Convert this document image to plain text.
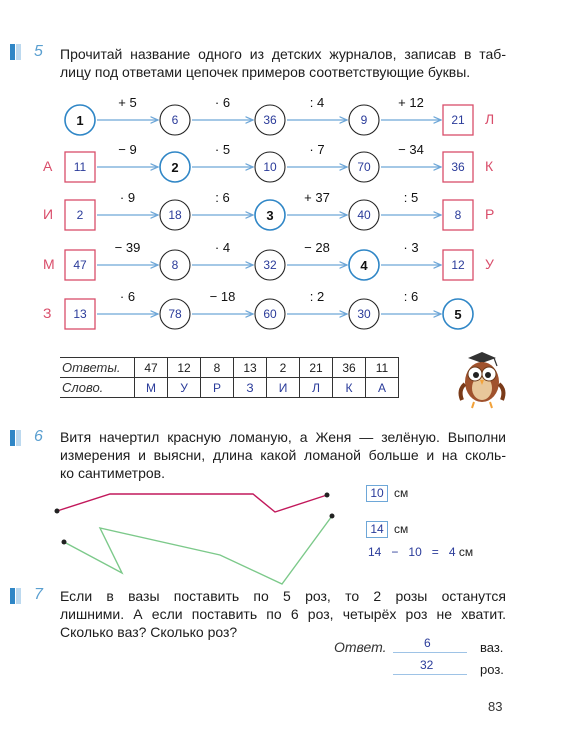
5 Прочитай название одного из детских журналов, записав в таб-
лицу под ответами цепочек примеров соответствующие буквы.
1
+ 5
6
· 6
36
: 4
9
+ 12
21	Л
11
− 9
2
· 5
10
· 7
70
− 34
36
А	К
2
· 9
18
: 6
3
+ 37
40
: 5
8
И	Р
47
− 39
8
· 4
32
− 28
4
· 3
12
М	У
13
· 6
78
− 18
60
: 2
30
: 6
5
З
Ответы.	47	12	8	13	2	21	36	11
Слово.	М	У	Р	З	И	Л	К	А
6 Витя начертил красную ломаную, а Женя — зелёную. Выполни
измерения и выясни, длина какой ломаной больше и на сколь-
ко сантиметров.
10 см
14 см
14 − 10 = 4 см
7 Если в вазы поставить по 5 роз, то 2 розы останутся
лишними. А если поставить по 6 роз, четырёх роз не хватит.
Сколько ваз? Сколько роз?
Ответ.	6	ваз.
32	роз.
83
